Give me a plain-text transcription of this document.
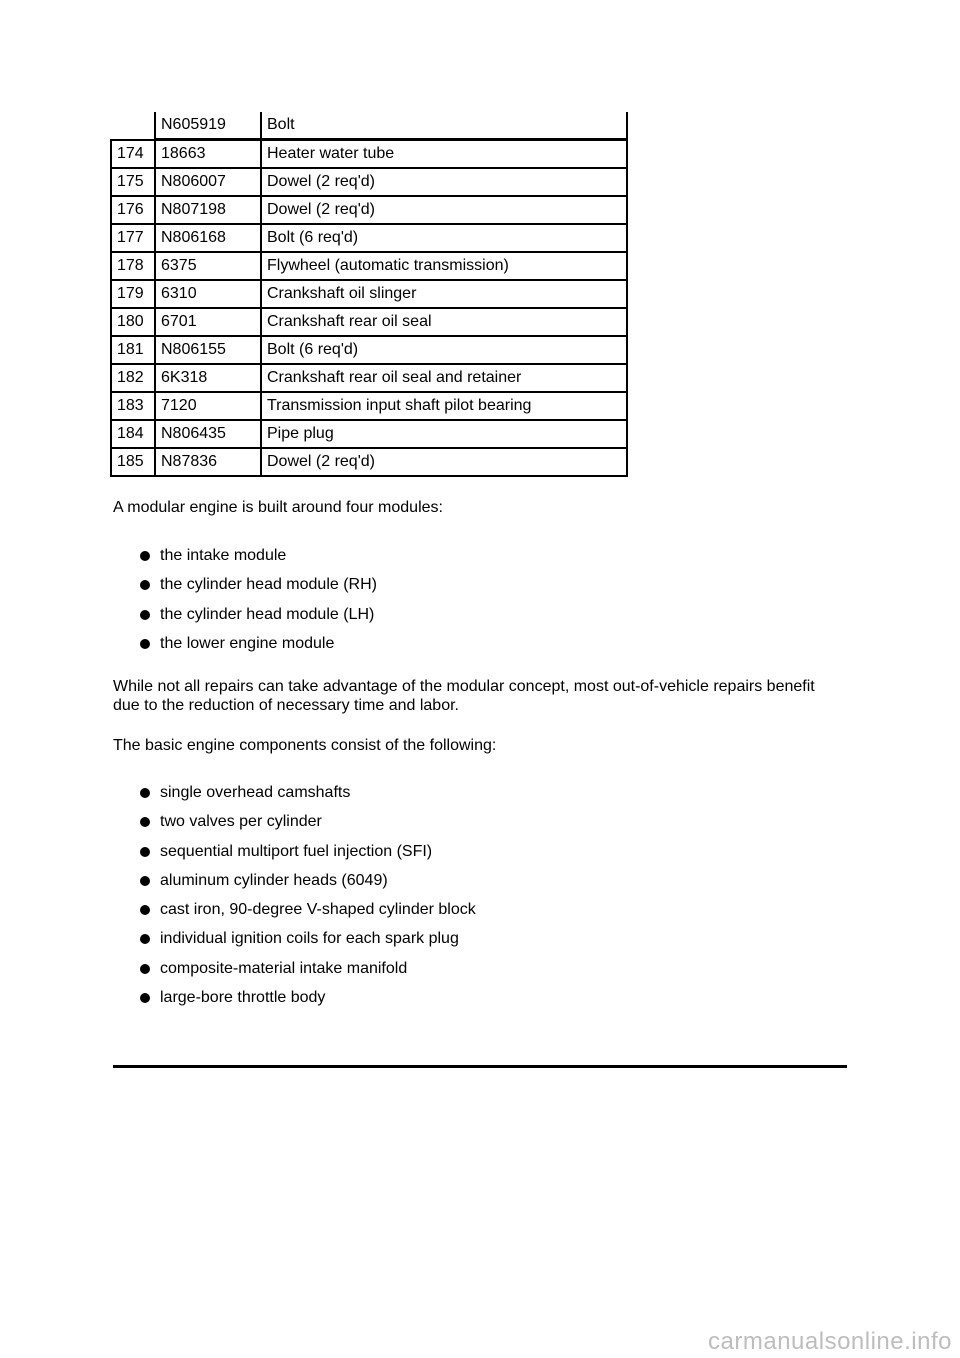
	N605919	Bolt
174	18663	Heater water tube
175	N806007	Dowel (2 req'd)
176	N807198	Dowel (2 req'd)
177	N806168	Bolt (6 req'd)
178	6375	Flywheel (automatic transmission)
179	6310	Crankshaft oil slinger
180	6701	Crankshaft rear oil seal
181	N806155	Bolt (6 req'd)
182	6K318	Crankshaft rear oil seal and retainer
183	7120	Transmission input shaft pilot bearing
184	N806435	Pipe plug
185	N87836	Dowel (2 req'd)

A modular engine is built around four modules:

the intake module
the cylinder head module (RH)
the cylinder head module (LH)
the lower engine module

While not all repairs can take advantage of the modular concept, most out-of-vehicle repairs benefit due to the reduction of necessary time and labor.

The basic engine components consist of the following:

single overhead camshafts
two valves per cylinder
sequential multiport fuel injection (SFI)
aluminum cylinder heads (6049)
cast iron, 90-degree V-shaped cylinder block
individual ignition coils for each spark plug
composite-material intake manifold
large-bore throttle body
carmanualsonline.info
